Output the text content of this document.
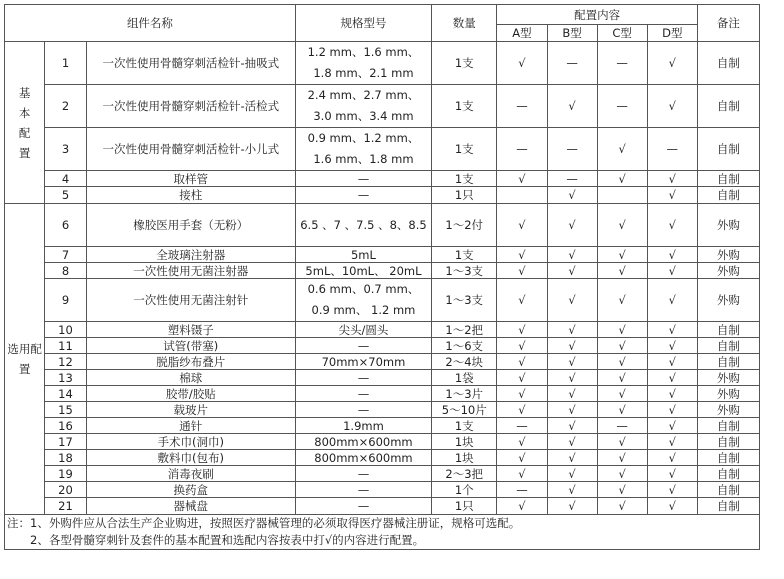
组件名称			规格型号	数量	配置内容				备注
					A型	B型	C型	D型	
基本配置	1	一次性使用骨髓穿刺活检针-抽吸式	1.2 mm、1.6 mm、1.8 mm、2.1 mm	1支	√	—	—	√	自制
	2	一次性使用骨髓穿刺活检针-活检式	2.4 mm、2.7 mm、3.0 mm、3.4 mm	1支	—	√	—	√	自制
	3	一次性使用骨髓穿刺活检针-小儿式	0.9 mm、1.2 mm、1.6 mm、1.8 mm	1支	—	—	√	—	自制
	4	取样管	—	1支	√	—	√	√	自制
	5	接柱	—	1只		√		√	自制
选用配置	6	橡胶医用手套（无粉）	6.5 、7 、7.5 、8、8.5	1～2付	√	√	√	√	外购
	7	全玻璃注射器	5mL	1支	√	√	√	√	外购
	8	一次性使用无菌注射器	5mL、10mL、 20mL	1～3支	√	√	√	√	外购
	9	一次性使用无菌注射针	0.6 mm、0.7 mm、0.9 mm、 1.2 mm	1～3支	√	√	√	√	外购
	10	塑料镊子	尖头/圆头	1～2把	√	√	√	√	自制
	11	试管(带塞)	—	1～6支	√	√	√	√	自制
	12	脱脂纱布叠片	70mm×70mm	2～4块	√	√	√	√	自制
	13	棉球	—	1袋	√	√	√	√	外购
	14	胶带/胶贴	—	1～3片	√	√	√	√	外购
	15	载玻片	—	5～10片	√	√	√	√	外购
	16	通针	1.9mm	1支	—	√	—	√	自制
	17	手术巾(洞巾)	800mm×600mm	1块	√	√	√	√	自制
	18	敷料巾(包布)	800mm×600mm	1块	√	√	√	√	自制
	19	消毒夜刷	—	2～3把	√	√	√	√	自制
	20	换药盒	—	1个	—	√	√	√	自制
	21	器械盘	—	1只	√	√	√	√	自制

注：1、外购件应从合法生产企业购进，按照医疗器械管理的必须取得医疗器械注册证，规格可选配。
　　2、各型骨髓穿刺针及套件的基本配置和选配内容按表中打√的内容进行配置。									
